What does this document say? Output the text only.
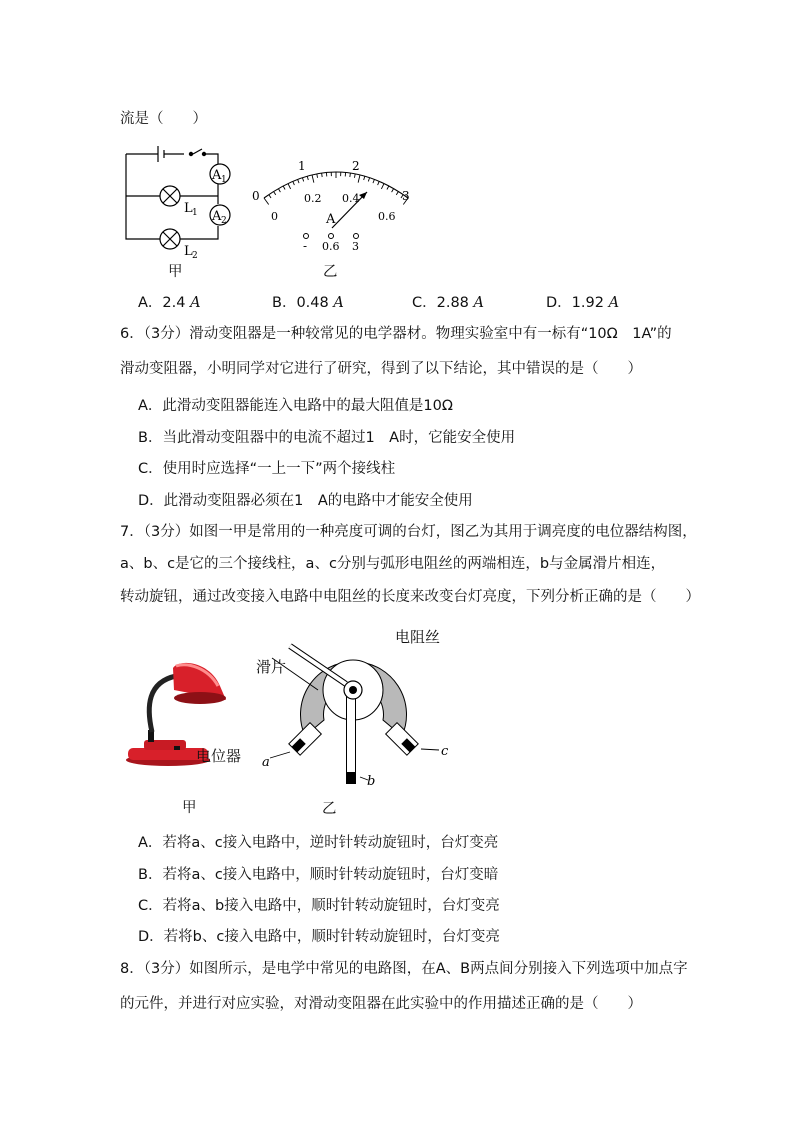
流是（　　）
A 1
A 2
L 1
L 2
甲
0
1	2
3
0
0.2 0.4
0.6
A
- 0.6 3
乙
A．2.4 A	B．0.48 A	C．2.88 A	D．1.92 A
6．（3分）滑动变阻器是一种较常见的电学器材。物理实验室中有一标有“10Ω　1A”的
滑动变阻器，小明同学对它进行了研究，得到了以下结论，其中错误的是（　　）
A．此滑动变阻器能连入电路中的最大阻值是10Ω
B．当此滑动变阻器中的电流不超过1　A时，它能安全使用
C．使用时应选择“一上一下”两个接线柱
D．此滑动变阻器必须在1　A的电路中才能安全使用
7．（3分）如图一甲是常用的一种亮度可调的台灯，图乙为其用于调亮度的电位器结构图，
a、b、c是它的三个接线柱，a、c分别与弧形电阻丝的两端相连，b与金属滑片相连，
转动旋钮，通过改变接入电路中电阻丝的长度来改变台灯亮度，下列分析正确的是（　　）
电位器
甲
a
b
c
电阻丝
滑片
乙
A．若将a、c接入电路中，逆时针转动旋钮时，台灯变亮
B．若将a、c接入电路中，顺时针转动旋钮时，台灯变暗
C．若将a、b接入电路中，顺时针转动旋钮时，台灯变亮
D．若将b、c接入电路中，顺时针转动旋钮时，台灯变亮
8．（3分）如图所示，是电学中常见的电路图，在A、B两点间分别接入下列选项中加点字
的元件，并进行对应实验，对滑动变阻器在此实验中的作用描述正确的是（　　）
